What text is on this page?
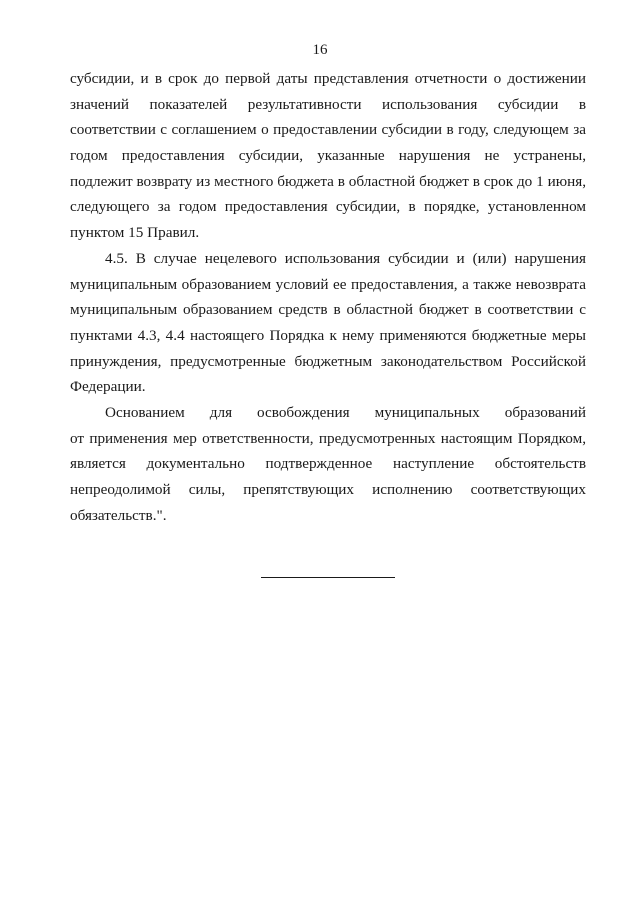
16
субсидии, и в срок до первой даты представления отчетности о достижении
значений показателей результативности использования субсидии в
соответствии с соглашением о предоставлении субсидии в году, следующем за
годом предоставления субсидии, указанные нарушения не устранены,
подлежит возврату из местного бюджета в областной бюджет в срок до 1 июня,
следующего за годом предоставления субсидии, в порядке, установленном
пунктом 15 Правил.
4.5. В случае нецелевого использования субсидии и (или) нарушения
муниципальным образованием условий ее предоставления, а также невозврата
муниципальным образованием средств в областной бюджет в соответствии с
пунктами 4.3, 4.4 настоящего Порядка к нему применяются бюджетные меры
принуждения, предусмотренные бюджетным законодательством Российской
Федерации.
Основанием для освобождения муниципальных образований
от применения мер ответственности, предусмотренных настоящим Порядком,
является документально подтвержденное наступление обстоятельств
непреодолимой силы, препятствующих исполнению соответствующих
обязательств.".
